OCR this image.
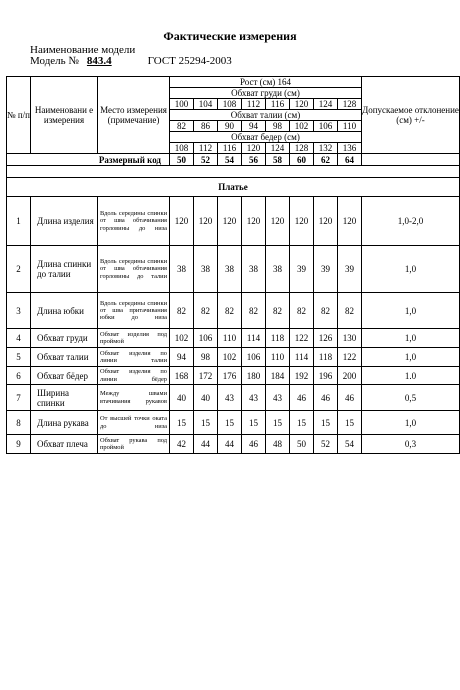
Фактические измерения
Наименование модели
Модель № 843.4	ГОСТ 25294-2003
№ п/п	Наименовани е измерения	Место измерения (примечание)	Рост (см) 164								Допускаемое отклонение (см) +/-
			Обхват груди (см)								
			100	104	108	112	116	120	124	128	
			Обхват талии (см)								
			82	86	90	94	98	102	106	110	
			Обхват бедер (см)								
			108	112	116	120	124	128	132	136	
Размерный код			50	52	54	56	58	60	62	64	

Платье											
1	Длина изделия	Вдоль середины спинки от шва обтачивания горловины до низа	120	120	120	120	120	120	120	120	1,0-2,0
2	Длина спинки до талии	Вдоль середины спинки от шва обтачивания горловины до талии	38	38	38	38	38	39	39	39	1,0
3	Длина юбки	Вдоль середины спинки от шва притачивания юбки до низа	82	82	82	82	82	82	82	82	1,0
4	Обхват груди	Обхват изделия под проймой	102	106	110	114	118	122	126	130	1,0
5	Обхват талии	Обхват изделия по линии талии	94	98	102	106	110	114	118	122	1,0
6	Обхват бёдер	Обхват изделия по линии бёдер	168	172	176	180	184	192	196	200	1.0
7	Ширина спинки	Между швами втачивания рукавов	40	40	43	43	43	46	46	46	0,5
8	Длина рукава	От высшей точки оката до низа	15	15	15	15	15	15	15	15	1,0
9	Обхват плеча	Обхват рукава под проймой	42	44	44	46	48	50	52	54	0,3
